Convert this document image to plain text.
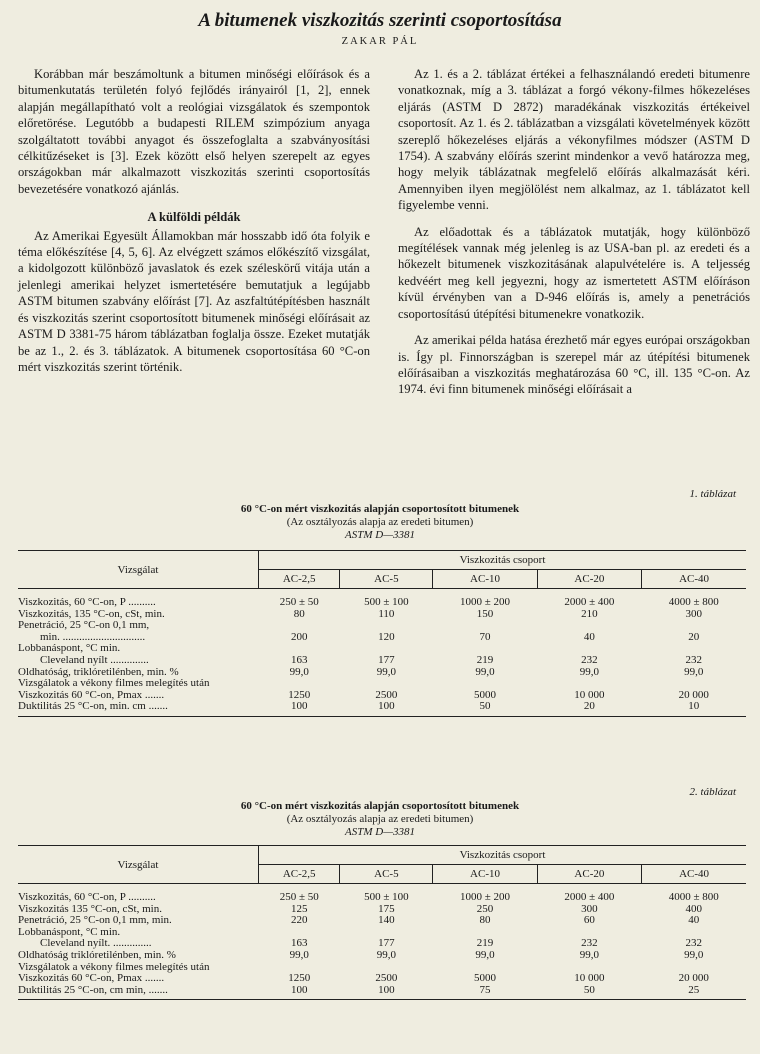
A bitumenek viszkozitás szerinti csoportosítása
ZAKAR PÁL

Korábban már beszámoltunk a bitumen minőségi előírások és a bitumenkutatás területén folyó fejlődés irányairól [1, 2], ennek alapján megállapítható volt a reológiai vizsgálatok és szempontok előretörése. Legutóbb a budapesti RILEM szimpózium anyaga szolgáltatott további anyagot és összefoglalta a szabványosítási célkitűzéseket is [3]. Ezek között első helyen szerepelt az egyes országokban már alkalmazott viszkozitás szerinti csoportosítás bevezetésére vonatkozó ajánlás.

A külföldi példák

Az Amerikai Egyesült Államokban már hosszabb idő óta folyik e téma előkészítése [4, 5, 6]. Az elvégzett számos előkészítő vizsgálat, a kidolgozott különböző javaslatok és ezek széleskörű vitája után a jelenlegi amerikai helyzet ismertetésére bemutatjuk a legújabb ASTM bitumen szabvány előírást [7]. Az aszfaltútépítésben használt és viszkozitás szerint csoportosított bitumenek minőségi előírásait az ASTM D 3381-75 három táblázatban foglalja össze. Ezeket mutatják be az 1., 2. és 3. táblázatok. A bitumenek csoportosítása 60 °C-on mért viszkozitás szerint történik.

Az 1. és a 2. táblázat értékei a felhasználandó eredeti bitumenre vonatkoznak, míg a 3. táblázat a forgó vékony-filmes hőkezeléses eljárás (ASTM D 2872) maradékának viszkozitás értékeivel csoportosít. Az 1. és 2. táblázatban a vizsgálati követelmények között szereplő hőkezeléses eljárás a vékonyfilmes módszer (ASTM D 1754). A szabvány előírás szerint mindenkor a vevő határozza meg, hogy melyik táblázatnak megfelelő előírás alkalmazását kéri. Amennyiben ilyen megjölölést nem alkalmaz, az 1. táblázatot kell figyelembe venni.

Az előadottak és a táblázatok mutatják, hogy különböző megítélések vannak még jelenleg is az USA-ban pl. az eredeti és a hőkezelt bitumenek viszkozitásának alapulvételére is. A teljesség kedvéért meg kell jegyezni, hogy az ismertetett ASTM előíráson kívül érvényben van a D-946 előírás is, amely a penetrációs csoportosítású útépítési bitumenekre vonatkozik.

Az amerikai példa hatása érezhető már egyes európai országokban is. Így pl. Finnországban is szerepel már az útépítési bitumenek előírásaiban a viszkozitás meghatározása 60 °C, ill. 135 °C-on. Az 1974. évi finn bitumenek minőségi előírásait a

1. táblázat
60 °C-on mért viszkozitás alapján csoportosított bitumenek
(Az osztályozás alapja az eredeti bitumen)
ASTM D—3381
Vizsgálat	Viszkozitás csoport				
	AC-2,5	AC-5	AC-10	AC-20	AC-40
Viszkozitás, 60 °C-on, P ..........	250 ± 50	500 ± 100	1000 ± 200	2000 ± 400	4000 ± 800
Viszkozitás, 135 °C-on, cSt, min.	80	110	150	210	300
Penetráció, 25 °C-on 0,1 mm,					
min. ..............................	200	120	70	40	20
Lobbanáspont, °C min.					
Cleveland nyílt ..............	163	177	219	232	232
Oldhatóság, triklóretilénben, min. %	99,0	99,0	99,0	99,0	99,0
Vizsgálatok a vékony filmes melegítés után					
Viszkozitás 60 °C-on, Pmax .......	1250	2500	5000	10 000	20 000
Duktilitás 25 °C-on, min. cm .......	100	100	50	20	10
2. táblázat
60 °C-on mért viszkozitás alapján csoportosított bitumenek
(Az osztályozás alapja az eredeti bitumen)
ASTM D—3381
Vizsgálat	Viszkozitás csoport				
	AC-2,5	AC-5	AC-10	AC-20	AC-40
Viszkozitás, 60 °C-on, P ..........	250 ± 50	500 ± 100	1000 ± 200	2000 ± 400	4000 ± 800
Viszkozitás 135 °C-on, cSt, min.	125	175	250	300	400
Penetráció, 25 °C-on 0,1 mm, min.	220	140	80	60	40
Lobbanáspont, °C min.					
Cleveland nyílt. ..............	163	177	219	232	232
Oldhatóság triklóretilénben, min. %	99,0	99,0	99,0	99,0	99,0
Vizsgálatok a vékony filmes melegítés után					
Viszkozitás 60 °C-on, Pmax .......	1250	2500	5000	10 000	20 000
Duktilitás 25 °C-on, cm min, .......	100	100	75	50	25
